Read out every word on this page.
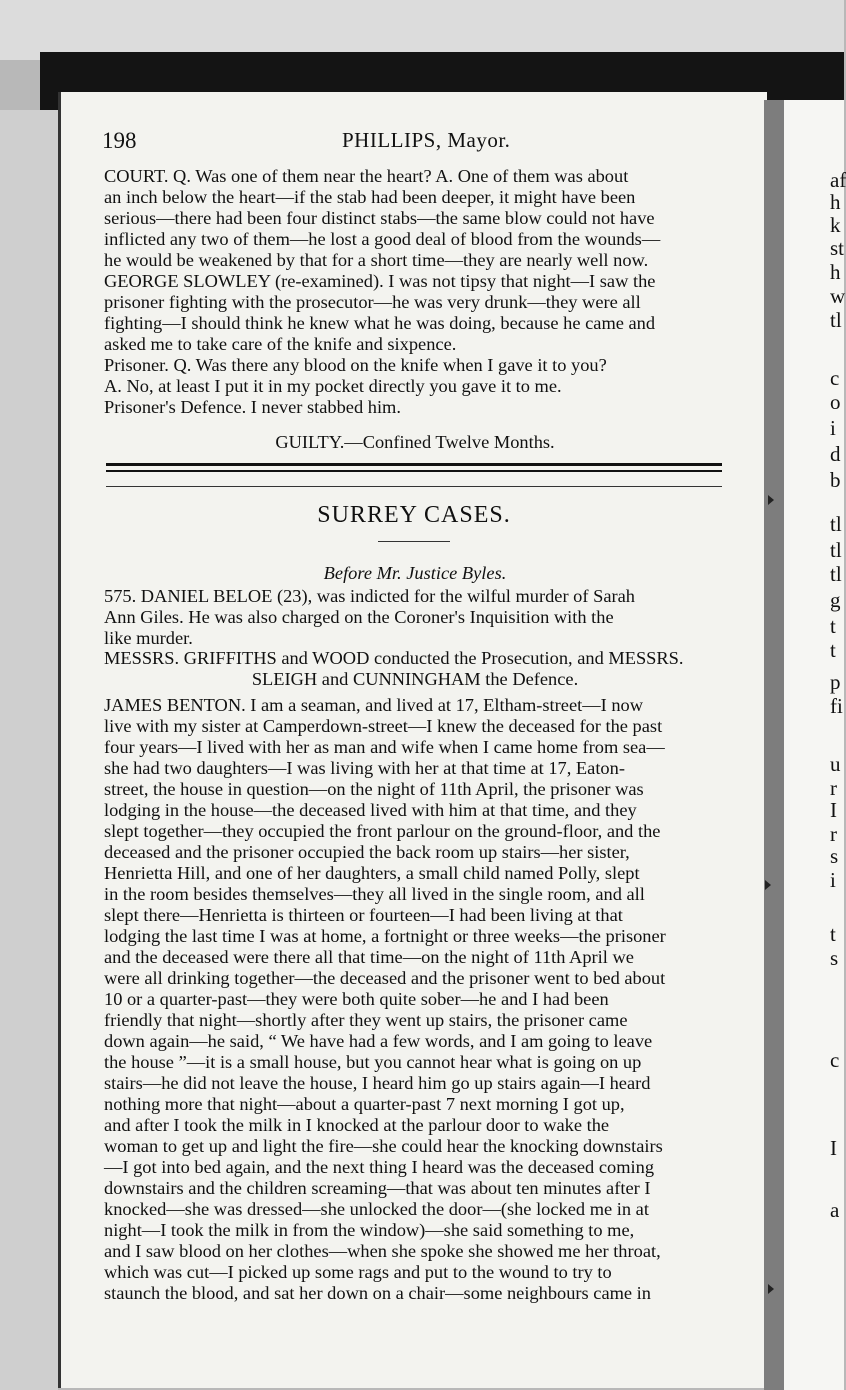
af
h
k
st
h
w
tl
c
o
i
d
b
tl
tl
tl
g
t
t
p
fi
u
r
I
r
s
i
t
s
c
I
a
198	PHILLIPS, Mayor.
COURT. Q. Was one of them near the heart? A. One of them was about
an inch below the heart—if the stab had been deeper, it might have been
serious—there had been four distinct stabs—the same blow could not have
inflicted any two of them—he lost a good deal of blood from the wounds—
he would be weakened by that for a short time—they are nearly well now.
GEORGE SLOWLEY (re-examined). I was not tipsy that night—I saw the
prisoner fighting with the prosecutor—he was very drunk—they were all
fighting—I should think he knew what he was doing, because he came and
asked me to take care of the knife and sixpence.
Prisoner. Q. Was there any blood on the knife when I gave it to you?
A. No, at least I put it in my pocket directly you gave it to me.
Prisoner's Defence. I never stabbed him.
GUILTY.—Confined Twelve Months.
SURREY CASES.
Before Mr. Justice Byles.
575. DANIEL BELOE (23), was indicted for the wilful murder of Sarah
Ann Giles. He was also charged on the Coroner's Inquisition with the
like murder.
MESSRS. GRIFFITHS and WOOD conducted the Prosecution, and MESSRS.
SLEIGH and CUNNINGHAM the Defence.
JAMES BENTON. I am a seaman, and lived at 17, Eltham-street—I now
live with my sister at Camperdown-street—I knew the deceased for the past
four years—I lived with her as man and wife when I came home from sea—
she had two daughters—I was living with her at that time at 17, Eaton-
street, the house in question—on the night of 11th April, the prisoner was
lodging in the house—the deceased lived with him at that time, and they
slept together—they occupied the front parlour on the ground-floor, and the
deceased and the prisoner occupied the back room up stairs—her sister,
Henrietta Hill, and one of her daughters, a small child named Polly, slept
in the room besides themselves—they all lived in the single room, and all
slept there—Henrietta is thirteen or fourteen—I had been living at that
lodging the last time I was at home, a fortnight or three weeks—the prisoner
and the deceased were there all that time—on the night of 11th April we
were all drinking together—the deceased and the prisoner went to bed about
10 or a quarter-past—they were both quite sober—he and I had been
friendly that night—shortly after they went up stairs, the prisoner came
down again—he said, “ We have had a few words, and I am going to leave
the house ”—it is a small house, but you cannot hear what is going on up
stairs—he did not leave the house, I heard him go up stairs again—I heard
nothing more that night—about a quarter-past 7 next morning I got up,
and after I took the milk in I knocked at the parlour door to wake the
woman to get up and light the fire—she could hear the knocking downstairs
—I got into bed again, and the next thing I heard was the deceased coming
downstairs and the children screaming—that was about ten minutes after I
knocked—she was dressed—she unlocked the door—(she locked me in at
night—I took the milk in from the window)—she said something to me,
and I saw blood on her clothes—when she spoke she showed me her throat,
which was cut—I picked up some rags and put to the wound to try to
staunch the blood, and sat her down on a chair—some neighbours came in
